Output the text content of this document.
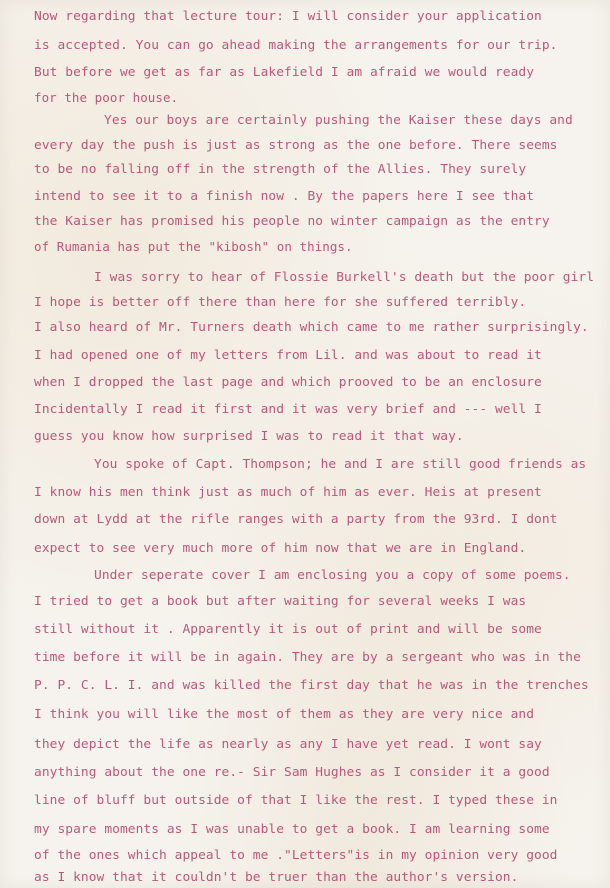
Now regarding that lecture tour: I will consider your application
is accepted. You can go ahead making the arrangements for our trip.
But before we get as far as Lakefield I am afraid we would ready
for the poor house.
Yes our boys are certainly pushing the Kaiser these days and
every day the push is just as strong as the one before. There seems
to be no falling off in the strength of the Allies. They surely
intend to see it to a finish now . By the papers here I see that
the Kaiser has promised his people no winter campaign as the entry
of Rumania has put the "kibosh" on things.
I was sorry to hear of Flossie Burkell's death but the poor girl
I hope is better off there than here for she suffered terribly.
I also heard of Mr. Turners death which came to me rather surprisingly.
I had opened one of my letters from Lil. and was about to read it
when I dropped the last page and which prooved to be an enclosure
Incidentally I read it first and it was very brief and --- well I
guess you know how surprised I was to read it that way.
You spoke of Capt. Thompson; he and I are still good friends as
I know his men think just as much of him as ever. Heis at present
down at Lydd at the rifle ranges with a party from the 93rd. I dont
expect to see very much more of him now that we are in England.
Under seperate cover I am enclosing you a copy of some poems.
I tried to get a book but after waiting for several weeks I was
still without it . Apparently it is out of print and will be some
time before it will be in again. They are by a sergeant who was in the
P. P. C. L. I. and was killed the first day that he was in the trenches
I think you will like the most of them as they are very nice and
they depict the life as nearly as any I have yet read. I wont say
anything about the one re.- Sir Sam Hughes as I consider it a good
line of bluff but outside of that I like the rest. I typed these in
my spare moments as I was unable to get a book. I am learning some
of the ones which appeal to me ."Letters"is in my opinion very good
as I know that it couldn't be truer than the author's version.
